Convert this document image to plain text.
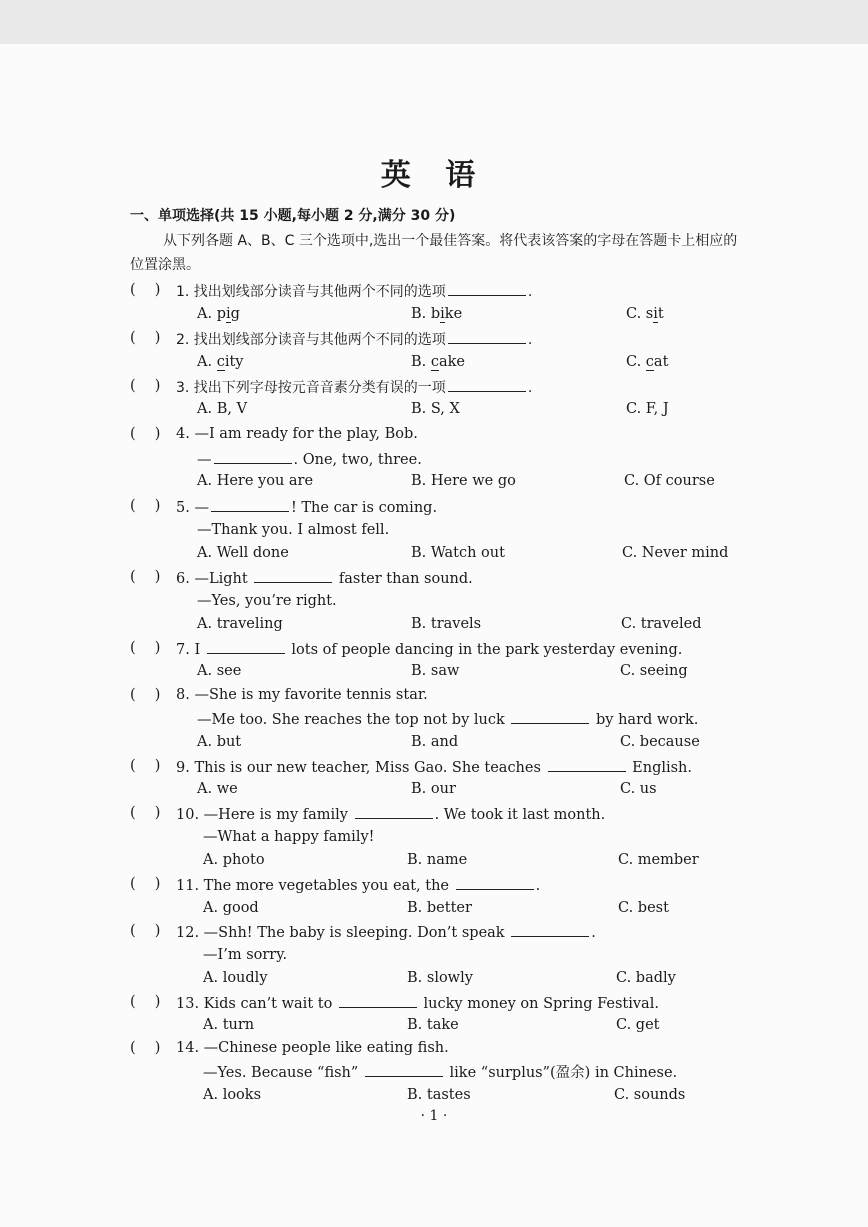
英 语
一、单项选择(共 15 小题,每小题 2 分,满分 30 分)
从下列各题 A、B、C 三个选项中,选出一个最佳答案。将代表该答案的字母在答题卡上相应的
位置涂黑。
(　 ) 1. 找出划线部分读音与其他两个不同的选项	.
A. pig	B. bike	C. sit
(　 ) 2. 找出划线部分读音与其他两个不同的选项	.
A. city	B. cake	C. cat
(　 ) 3. 找出下列字母按元音音素分类有误的一项	.
A. B, V	B. S, X	C. F, J
(　 ) 4. —I am ready for the play, Bob.
—	. One, two, three.
A. Here you are	B. Here we go	C. Of course
(　 ) 5. —	! The car is coming.
—Thank you. I almost fell.
A. Well done	B. Watch out	C. Never mind
(　 ) 6. —Light	faster than sound.
—Yes, you’re right.
A. traveling	B. travels	C. traveled
(　 ) 7. I	lots of people dancing in the park yesterday evening.
A. see	B. saw	C. seeing
(　 ) 8. —She is my favorite tennis star.
—Me too. She reaches the top not by luck	by hard work.
A. but	B. and	C. because
(　 ) 9. This is our new teacher, Miss Gao. She teaches	English.
A. we	B. our	C. us
(　 ) 10. —Here is my family	. We took it last month.
—What a happy family!
A. photo	B. name	C. member
(　 ) 11. The more vegetables you eat, the	.
A. good	B. better	C. best
(　 ) 12. —Shh! The baby is sleeping. Don’t speak	.
—I’m sorry.
A. loudly	B. slowly	C. badly
(　 ) 13. Kids can’t wait to	lucky money on Spring Festival.
A. turn	B. take	C. get
(　 ) 14. —Chinese people like eating fish.
—Yes. Because “fish”	like “surplus”(盈余) in Chinese.
A. looks	B. tastes	C. sounds
· 1 ·
